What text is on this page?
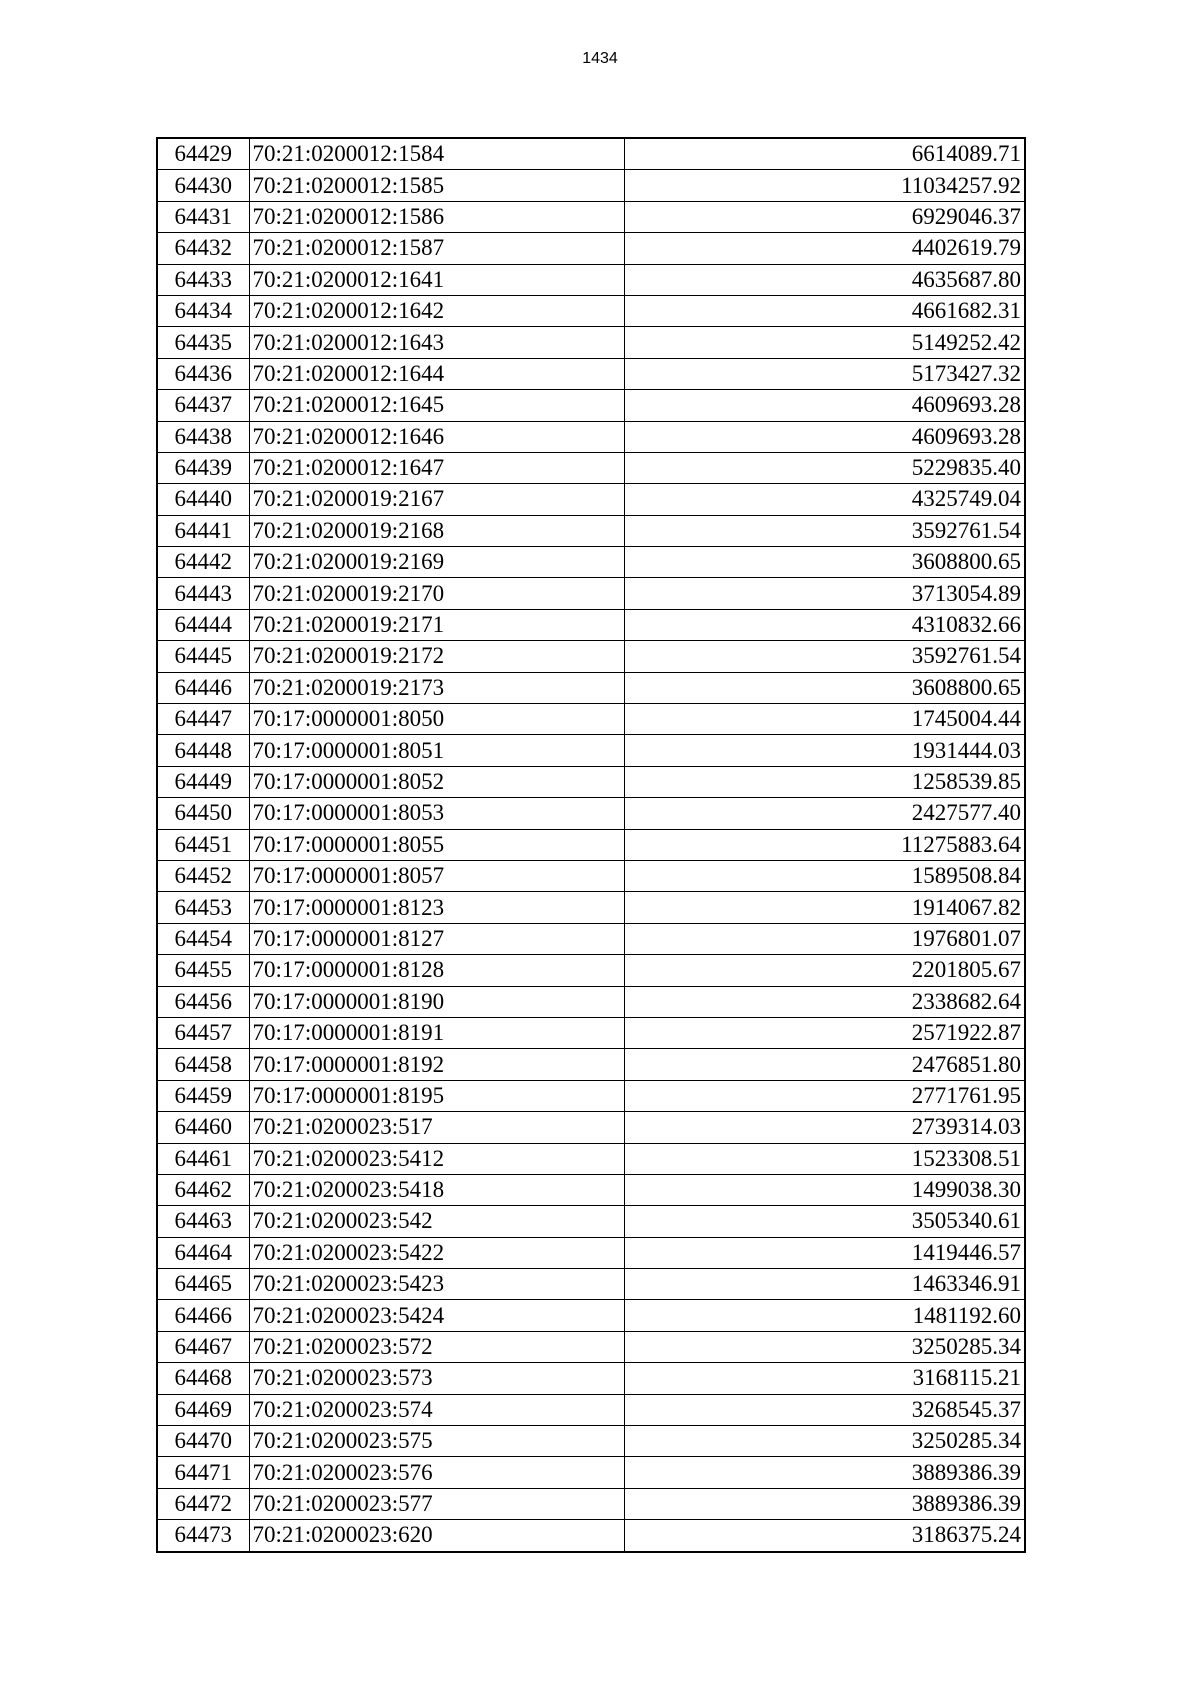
1434
64429	70:21:0200012:1584	6614089.71
64430	70:21:0200012:1585	11034257.92
64431	70:21:0200012:1586	6929046.37
64432	70:21:0200012:1587	4402619.79
64433	70:21:0200012:1641	4635687.80
64434	70:21:0200012:1642	4661682.31
64435	70:21:0200012:1643	5149252.42
64436	70:21:0200012:1644	5173427.32
64437	70:21:0200012:1645	4609693.28
64438	70:21:0200012:1646	4609693.28
64439	70:21:0200012:1647	5229835.40
64440	70:21:0200019:2167	4325749.04
64441	70:21:0200019:2168	3592761.54
64442	70:21:0200019:2169	3608800.65
64443	70:21:0200019:2170	3713054.89
64444	70:21:0200019:2171	4310832.66
64445	70:21:0200019:2172	3592761.54
64446	70:21:0200019:2173	3608800.65
64447	70:17:0000001:8050	1745004.44
64448	70:17:0000001:8051	1931444.03
64449	70:17:0000001:8052	1258539.85
64450	70:17:0000001:8053	2427577.40
64451	70:17:0000001:8055	11275883.64
64452	70:17:0000001:8057	1589508.84
64453	70:17:0000001:8123	1914067.82
64454	70:17:0000001:8127	1976801.07
64455	70:17:0000001:8128	2201805.67
64456	70:17:0000001:8190	2338682.64
64457	70:17:0000001:8191	2571922.87
64458	70:17:0000001:8192	2476851.80
64459	70:17:0000001:8195	2771761.95
64460	70:21:0200023:517	2739314.03
64461	70:21:0200023:5412	1523308.51
64462	70:21:0200023:5418	1499038.30
64463	70:21:0200023:542	3505340.61
64464	70:21:0200023:5422	1419446.57
64465	70:21:0200023:5423	1463346.91
64466	70:21:0200023:5424	1481192.60
64467	70:21:0200023:572	3250285.34
64468	70:21:0200023:573	3168115.21
64469	70:21:0200023:574	3268545.37
64470	70:21:0200023:575	3250285.34
64471	70:21:0200023:576	3889386.39
64472	70:21:0200023:577	3889386.39
64473	70:21:0200023:620	3186375.24
